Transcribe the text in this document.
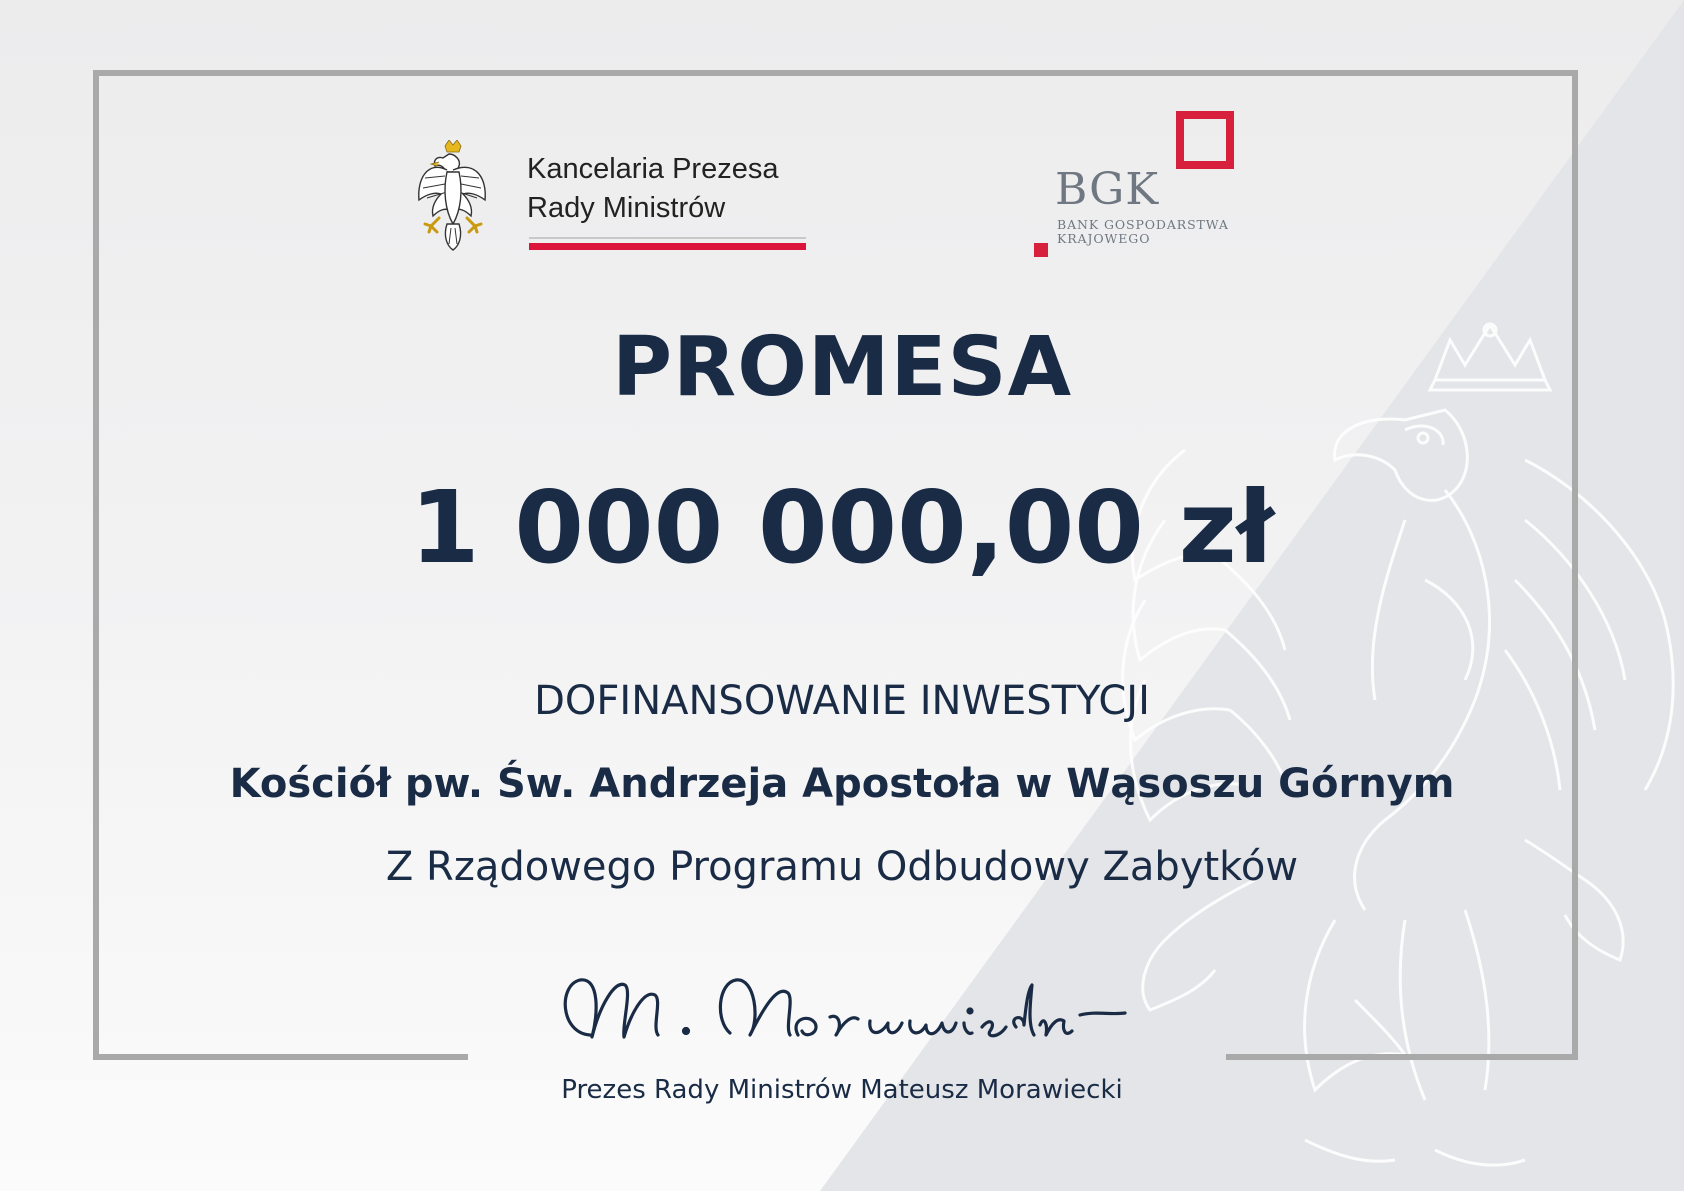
Kancelaria Prezesa
Rady Ministrów	BGK
BANK GOSPODARSTWA
KRAJOWEGO
PROMESA
1 000 000,00 zł
DOFINANSOWANIE INWESTYCJI
Kościół pw. Św. Andrzeja Apostoła w Wąsoszu Górnym
Z Rządowego Programu Odbudowy Zabytków
Prezes Rady Ministrów Mateusz Morawiecki
